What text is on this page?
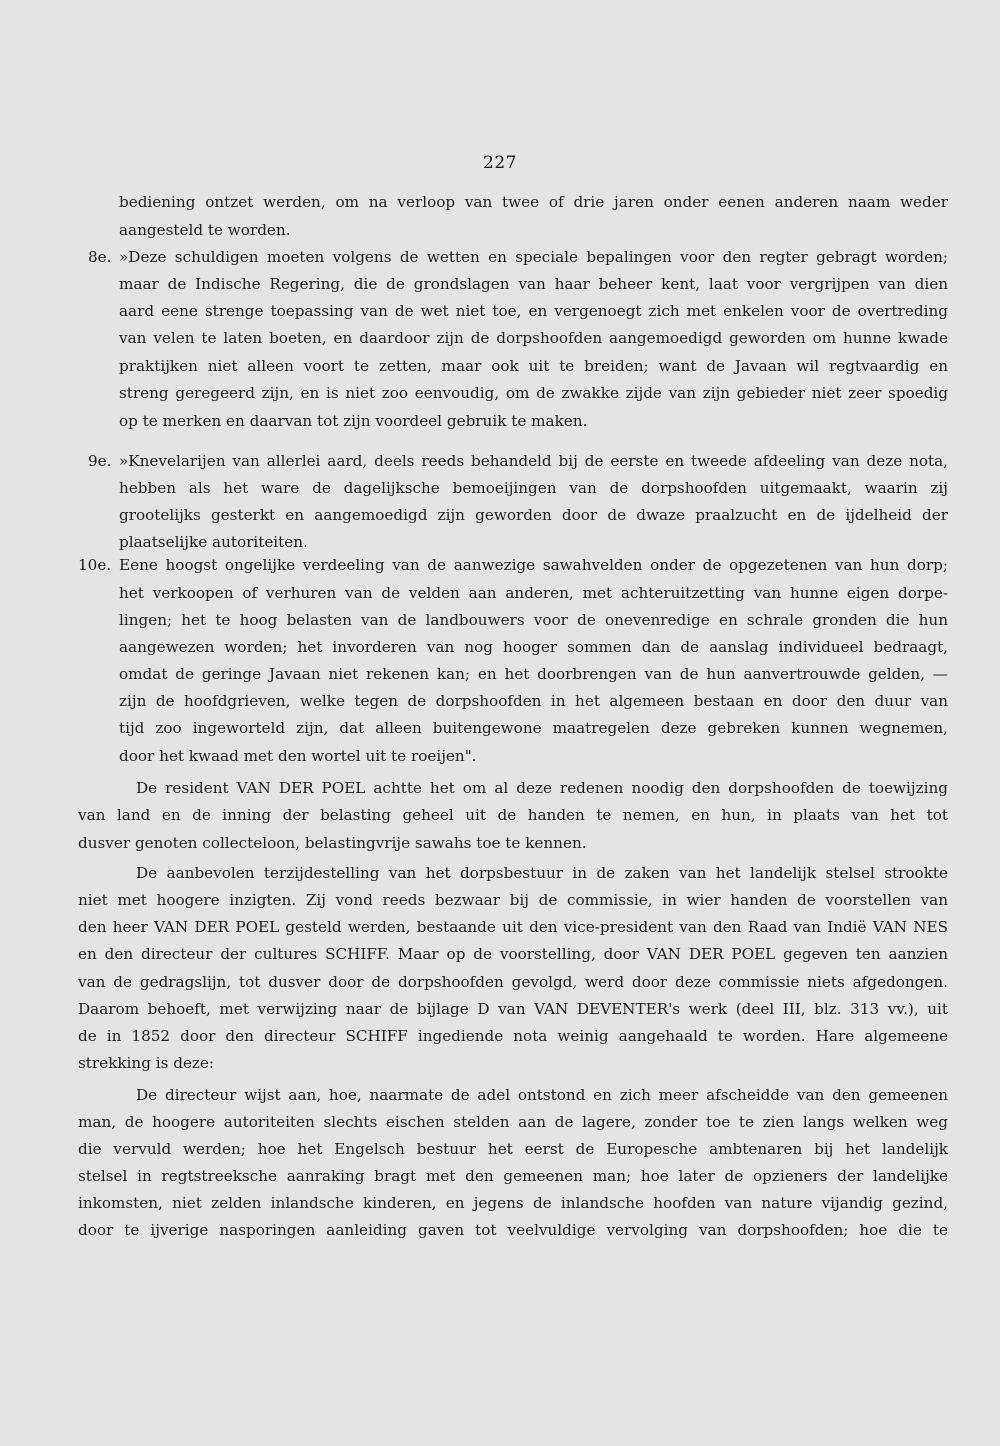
227
8e.
9e.
10e.
bediening ontzet werden, om na verloop van twee of drie jaren onder eenen anderen naam weder
aangesteld te worden.
»Deze schuldigen moeten volgens de wetten en speciale bepalingen voor den regter gebragt worden;
maar de Indische Regering, die de grondslagen van haar beheer kent, laat voor vergrijpen van dien
aard eene strenge toepassing van de wet niet toe, en vergenoegt zich met enkelen voor de overtreding
van velen te laten boeten, en daardoor zijn de dorpshoofden aangemoedigd geworden om hunne kwade
praktijken niet alleen voort te zetten, maar ook uit te breiden; want de Javaan wil regtvaardig en
streng geregeerd zijn, en is niet zoo eenvoudig, om de zwakke zijde van zijn gebieder niet zeer spoedig
op te merken en daarvan tot zijn voordeel gebruik te maken.
»Knevelarijen van allerlei aard, deels reeds behandeld bij de eerste en tweede afdeeling van deze nota,
hebben als het ware de dagelijksche bemoeijingen van de dorpshoofden uitgemaakt, waarin zij
grootelijks gesterkt en aangemoedigd zijn geworden door de dwaze praalzucht en de ijdelheid der
plaatselijke autoriteiten.
Eene hoogst ongelijke verdeeling van de aanwezige sawahvelden onder de opgezetenen van hun dorp;
het verkoopen of verhuren van de velden aan anderen, met achteruitzetting van hunne eigen dorpe-
lingen; het te hoog belasten van de landbouwers voor de onevenredige en schrale gronden die hun
aangewezen worden; het invorderen van nog hooger sommen dan de aanslag individueel bedraagt,
omdat de geringe Javaan niet rekenen kan; en het doorbrengen van de hun aanvertrouwde gelden, —
zijn de hoofdgrieven, welke tegen de dorpshoofden in het algemeen bestaan en door den duur van
tijd zoo ingeworteld zijn, dat alleen buitengewone maatregelen deze gebreken kunnen wegnemen,
door het kwaad met den wortel uit te roeijen".
De resident VAN DER POEL achtte het om al deze redenen noodig den dorpshoofden de toewijzing
van land en de inning der belasting geheel uit de handen te nemen, en hun, in plaats van het tot
dusver genoten collecteloon, belastingvrije sawahs toe te kennen.
De aanbevolen terzijdestelling van het dorpsbestuur in de zaken van het landelijk stelsel strookte
niet met hoogere inzigten. Zij vond reeds bezwaar bij de commissie, in wier handen de voorstellen van
den heer VAN DER POEL gesteld werden, bestaande uit den vice-president van den Raad van Indië VAN NES
en den directeur der cultures SCHIFF. Maar op de voorstelling, door VAN DER POEL gegeven ten aanzien
van de gedragslijn, tot dusver door de dorpshoofden gevolgd, werd door deze commissie niets afgedongen.
Daarom behoeft, met verwijzing naar de bijlage D van VAN DEVENTER's werk (deel III, blz. 313 vv.), uit
de in 1852 door den directeur SCHIFF ingediende nota weinig aangehaald te worden. Hare algemeene
strekking is deze:
De directeur wijst aan, hoe, naarmate de adel ontstond en zich meer afscheidde van den gemeenen
man, de hoogere autoriteiten slechts eischen stelden aan de lagere, zonder toe te zien langs welken weg
die vervuld werden; hoe het Engelsch bestuur het eerst de Europesche ambtenaren bij het landelijk
stelsel in regtstreeksche aanraking bragt met den gemeenen man; hoe later de opzieners der landelijke
inkomsten, niet zelden inlandsche kinderen, en jegens de inlandsche hoofden van nature vijandig gezind,
door te ijverige nasporingen aanleiding gaven tot veelvuldige vervolging van dorpshoofden; hoe die te
